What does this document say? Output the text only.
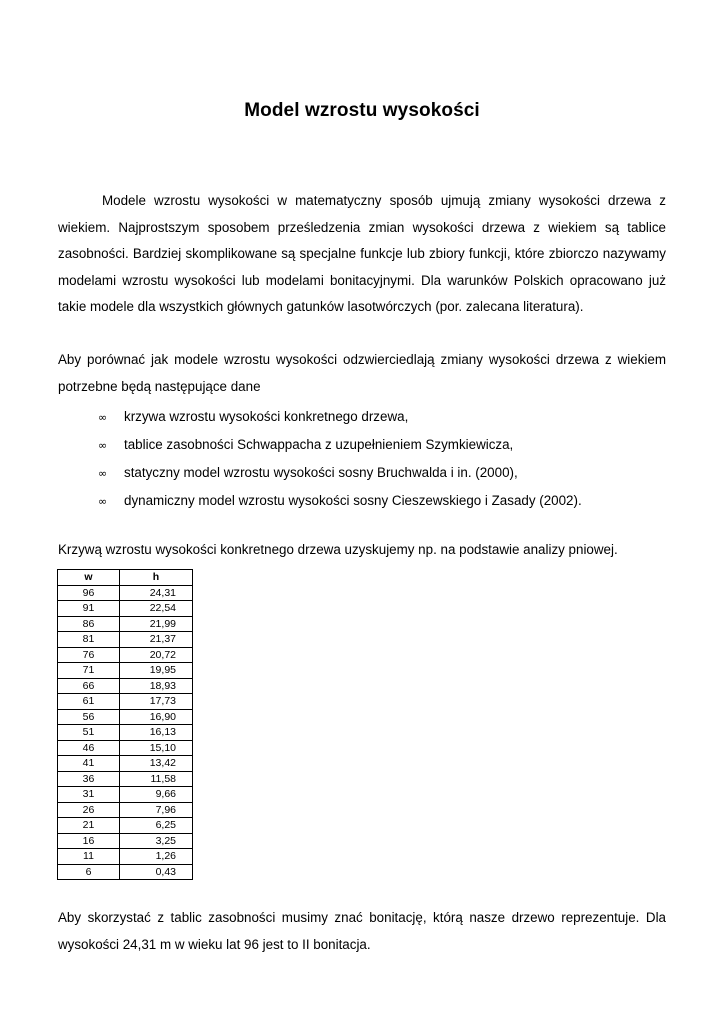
Model wzrostu wysokości

Modele wzrostu wysokości w matematyczny sposób ujmują zmiany wysokości drzewa z wiekiem. Najprostszym sposobem prześledzenia zmian wysokości drzewa z wiekiem są tablice zasobności. Bardziej skomplikowane są specjalne funkcje lub zbiory funkcji, które zbiorczo nazywamy modelami wzrostu wysokości lub modelami bonitacyjnymi. Dla warunków Polskich opracowano już takie modele dla wszystkich głównych gatunków lasotwórczych (por. zalecana literatura).

Aby porównać jak modele wzrostu wysokości odzwierciedlają zmiany wysokości drzewa z wiekiem potrzebne będą następujące dane

∞ krzywa wzrostu wysokości konkretnego drzewa,
∞ tablice zasobności Schwappacha z uzupełnieniem Szymkiewicza,
∞ statyczny model wzrostu wysokości sosny Bruchwalda i in. (2000),
∞ dynamiczny model wzrostu wysokości sosny Cieszewskiego i Zasady (2002).

Krzywą wzrostu wysokości konkretnego drzewa uzyskujemy np. na podstawie analizy pniowej.

w	h
96	24,31
91	22,54
86	21,99
81	21,37
76	20,72
71	19,95
66	18,93
61	17,73
56	16,90
51	16,13
46	15,10
41	13,42
36	11,58
31	9,66
26	7,96
21	6,25
16	3,25
11	1,26
6	0,43

Aby skorzystać z tablic zasobności musimy znać bonitację, którą nasze drzewo reprezentuje. Dla wysokości 24,31 m w wieku lat 96 jest to II bonitacja.
